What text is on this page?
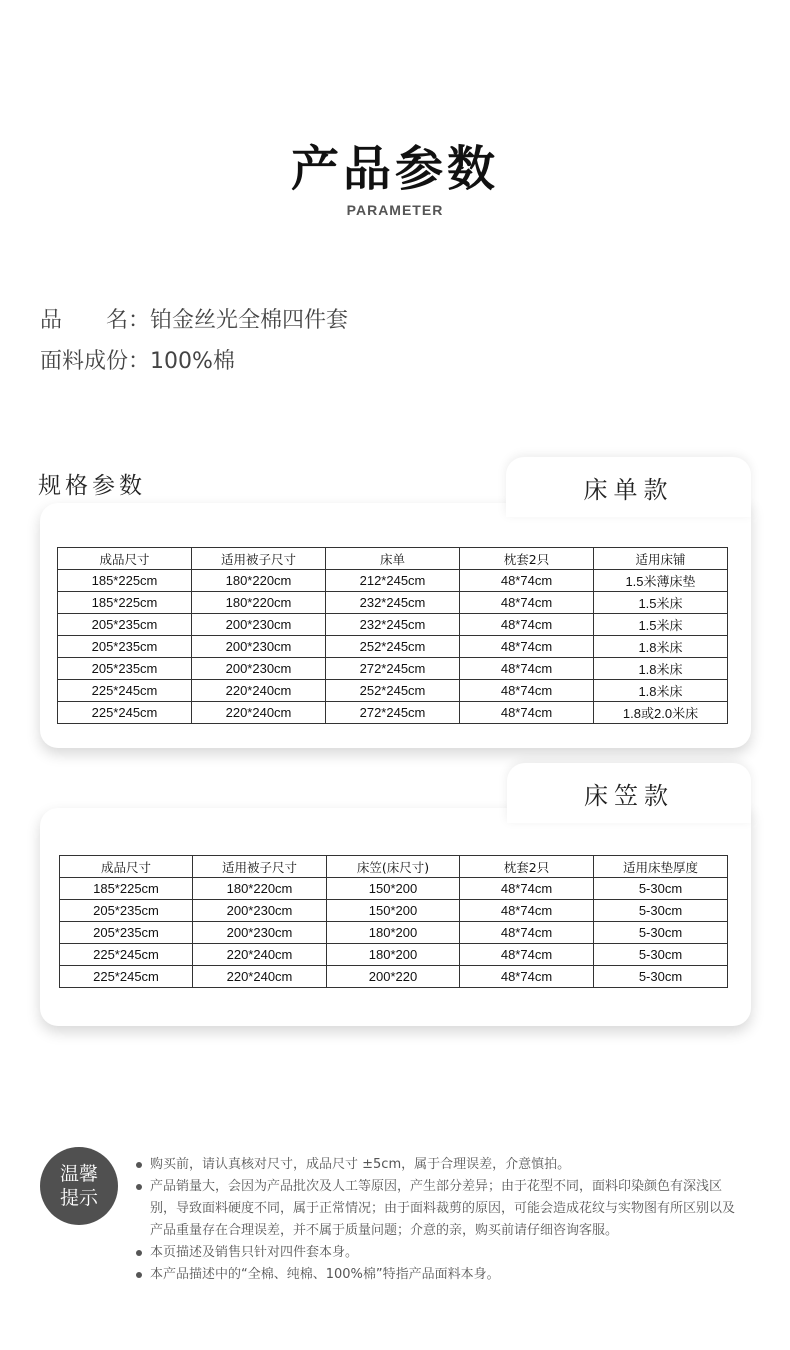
产品参数
PARAMETER
品　　名：铂金丝光全棉四件套
面料成份：100%棉
规格参数	床单款
成品尺寸	适用被子尺寸	床单	枕套2只	适用床铺
185*225cm	180*220cm	212*245cm	48*74cm	1.5米薄床垫
185*225cm	180*220cm	232*245cm	48*74cm	1.5米床
205*235cm	200*230cm	232*245cm	48*74cm	1.5米床
205*235cm	200*230cm	252*245cm	48*74cm	1.8米床
205*235cm	200*230cm	272*245cm	48*74cm	1.8米床
225*245cm	220*240cm	252*245cm	48*74cm	1.8米床
225*245cm	220*240cm	272*245cm	48*74cm	1.8或2.0米床
床笠款
成品尺寸	适用被子尺寸	床笠(床尺寸)	枕套2只	适用床垫厚度
185*225cm	180*220cm	150*200	48*74cm	5-30cm
205*235cm	200*230cm	150*200	48*74cm	5-30cm
205*235cm	200*230cm	180*200	48*74cm	5-30cm
225*245cm	220*240cm	180*200	48*74cm	5-30cm
225*245cm	220*240cm	200*220	48*74cm	5-30cm
温馨
提示
购买前，请认真核对尺寸，成品尺寸 ±5cm，属于合理误差，介意慎拍。
产品销量大，会因为产品批次及人工等原因，产生部分差异；由于花型不同，面料印染颜色有深浅区别，导致面料硬度不同，属于正常情况；由于面料裁剪的原因，可能会造成花纹与实物图有所区别以及产品重量存在合理误差，并不属于质量问题；介意的亲，购买前请仔细咨询客服。
本页描述及销售只针对四件套本身。
本产品描述中的“全棉、纯棉、100%棉”特指产品面料本身。
